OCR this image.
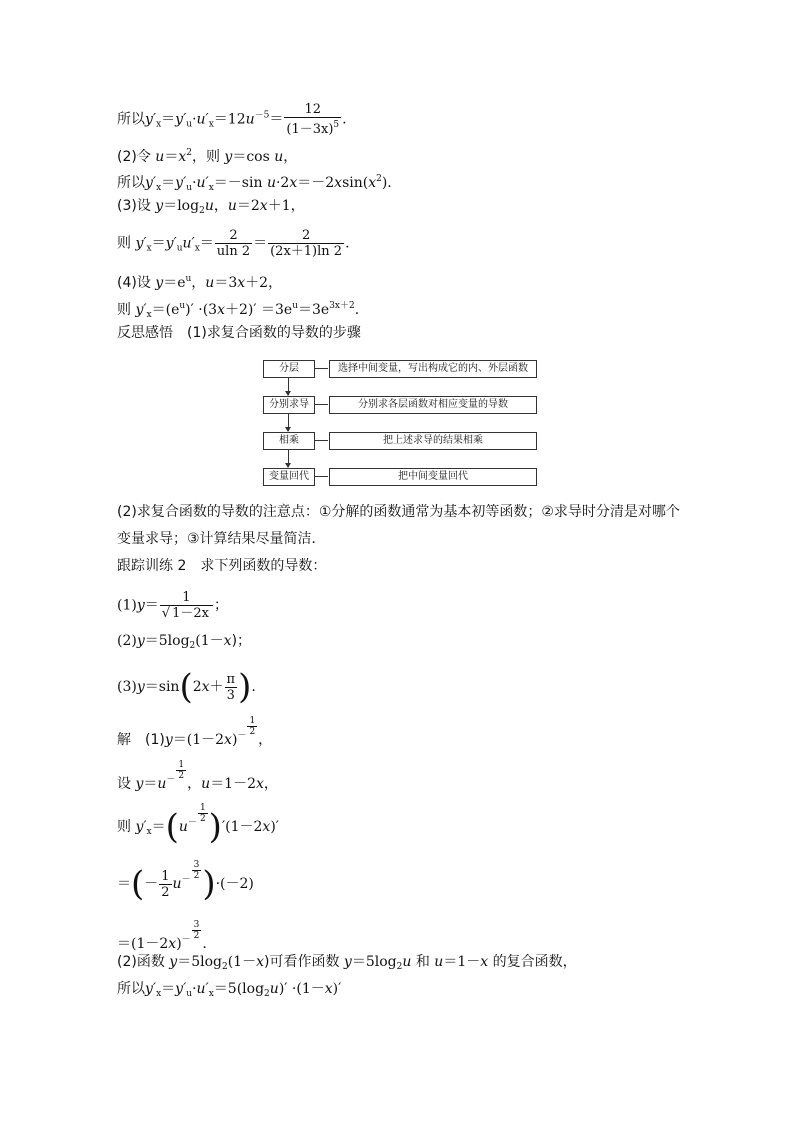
所以$y'_x=y'_u\cdot u'_x=12u^{-5}= \frac{12}{(1-3x)^5}$ .
(2)令 $u=x^2$，则 y＝cos u，
所以$y'_x=y'_u\cdot u'_x=-\sin$ $u\cdot 2x=-2xsin(x^2)$.
(3)设 $y=\log_2u$，u＝2x＋1，
则 $y'_x=y'_uu'_x= \frac{2}{uln 2} = \frac{2}{(2x+1)\ln 2}$ .
(4)设 $y=e^u$，u＝3x＋2，
则 $y'_x=(e^u)' \cdot(3x+2)' =3e^u=3e^{3x+2}$.
反思感悟　(1)求复合函数的导数的步骤
分层	选择中间变量，写出构成它的内、外层函数
分别求导	分别求各层函数对相应变量的导数
相乘	把上述求导的结果相乘
变量回代	把中间变量回代
(2)求复合函数的导数的注意点：①分解的函数通常为基本初等函数；②求导时分清是对哪个
变量求导；③计算结果尽量简洁．
跟踪训练 2　求下列函数的导数：
$(1)y= \frac{1}{√ 1-2x}$ ；
$(2)y=5\log_2(1-x)$；
$(3)y=\sin(2x+ \frac{\pi}{3}$ ).
解　$(1)y=(1-2x)^- \frac{1}{2}$
，
设 $y=u^- \frac{1}{2}$
，u＝1－2x，
则 $y'_x=(u^- \frac{1}{2} )'(1-2x)'$
＝(－ $\frac{1}{2} u^- \frac{3}{2} )\cdot(-2)$
$=(1-2x)^- \frac{3}{2}$
.
(2)函数 $y=5\log_2(1-x)$可看作函数 $y=5\log_2u$ 和 u＝1－x 的复合函数，
所以$y'_x=y'_u\cdot u'_x=5(\log_2u)' \cdot(1-x)'$
